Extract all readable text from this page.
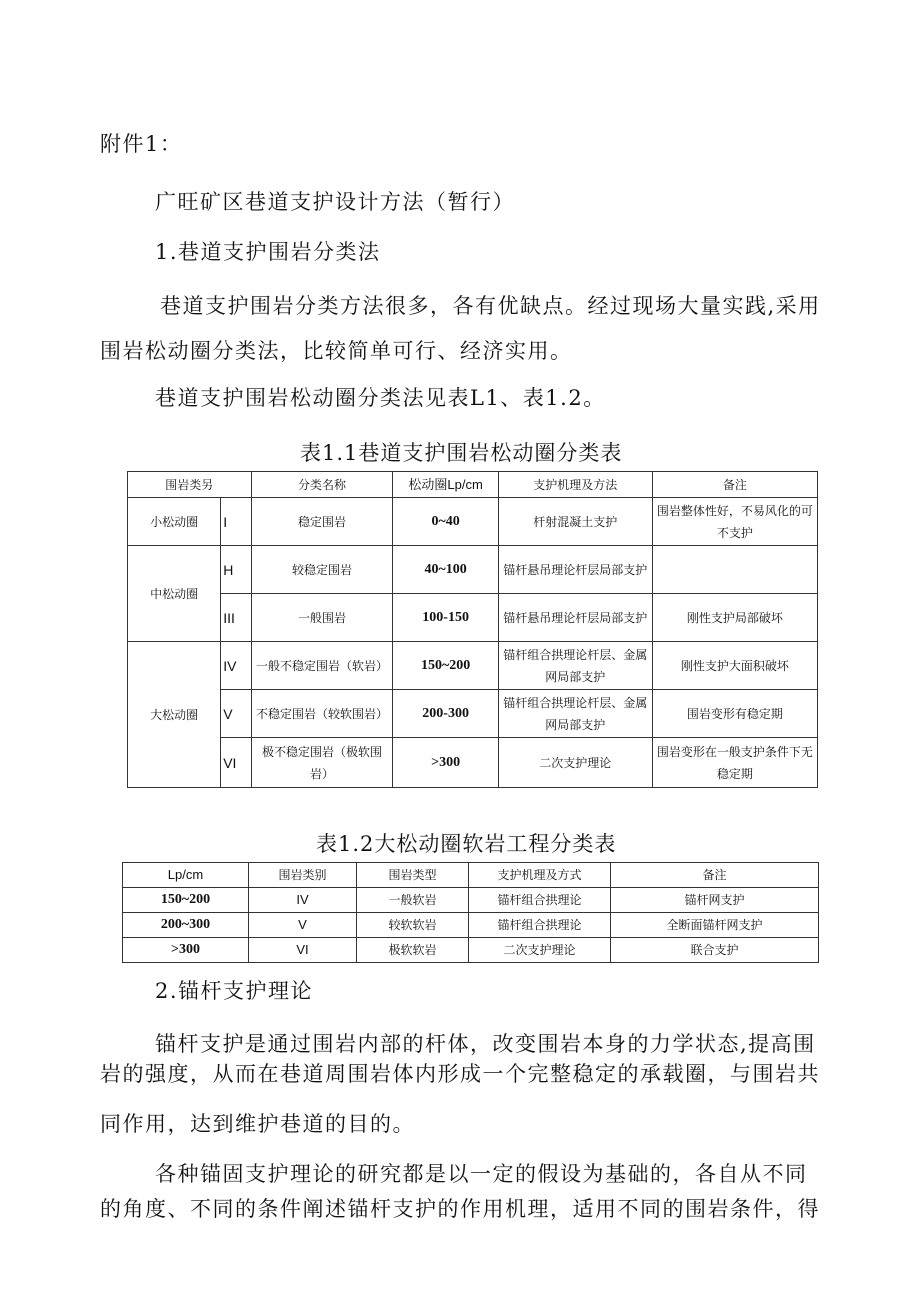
附件1：
广旺矿区巷道支护设计方法（暂行）
1.巷道支护围岩分类法
巷道支护围岩分类方法很多，各有优缺点。经过现场大量实践,采用
围岩松动圈分类法，比较简单可行、经济实用。
巷道支护围岩松动圈分类法见表L1、表1.2。
表1.1巷道支护围岩松动圈分类表
围岩类另		分类名称	松动圈Lp/cm	支护机理及方法	备注
小松动圈	I	稳定围岩	0~40	杆射混凝土支护	围岩整体性好，不易风化的可不支护
中松动圈	H	较稳定围岩	40~100	锚杆悬吊理论杆层局部支护	
	III	一般围岩	100-150	锚杆悬吊理论杆层局部支护	刚性支护局部破坏
大松动圈	IV	一般不稳定围岩（软岩）	150~200	锚杆组合拱理论杆层、金属网局部支护	刚性支护大面积破坏
	V	不稳定围岩（较软围岩）	200-300	锚杆组合拱理论杆层、金属网局部支护	围岩变形有稳定期
	VI	极不稳定围岩（极软围岩）	>300	二次支护理论	围岩变形在一般支护条件下无稳定期
表1.2大松动圈软岩工程分类表
Lp/cm	围岩类别	围岩类型	支护机理及方式	备注
150~200	IV	一般软岩	锚杆组合拱理论	锚杆网支护
200~300	V	较软软岩	锚杆组合拱理论	全断面锚杆网支护
>300	VI	极软软岩	二次支护理论	联合支护
2.锚杆支护理论
锚杆支护是通过围岩内部的杆体，改变围岩本身的力学状态,提高围
岩的强度，从而在巷道周围岩体内形成一个完整稳定的承载圈，与围岩共
同作用，达到维护巷道的目的。
各种锚固支护理论的研究都是以一定的假设为基础的，各自从不同
的角度、不同的条件阐述锚杆支护的作用机理，适用不同的围岩条件，得
